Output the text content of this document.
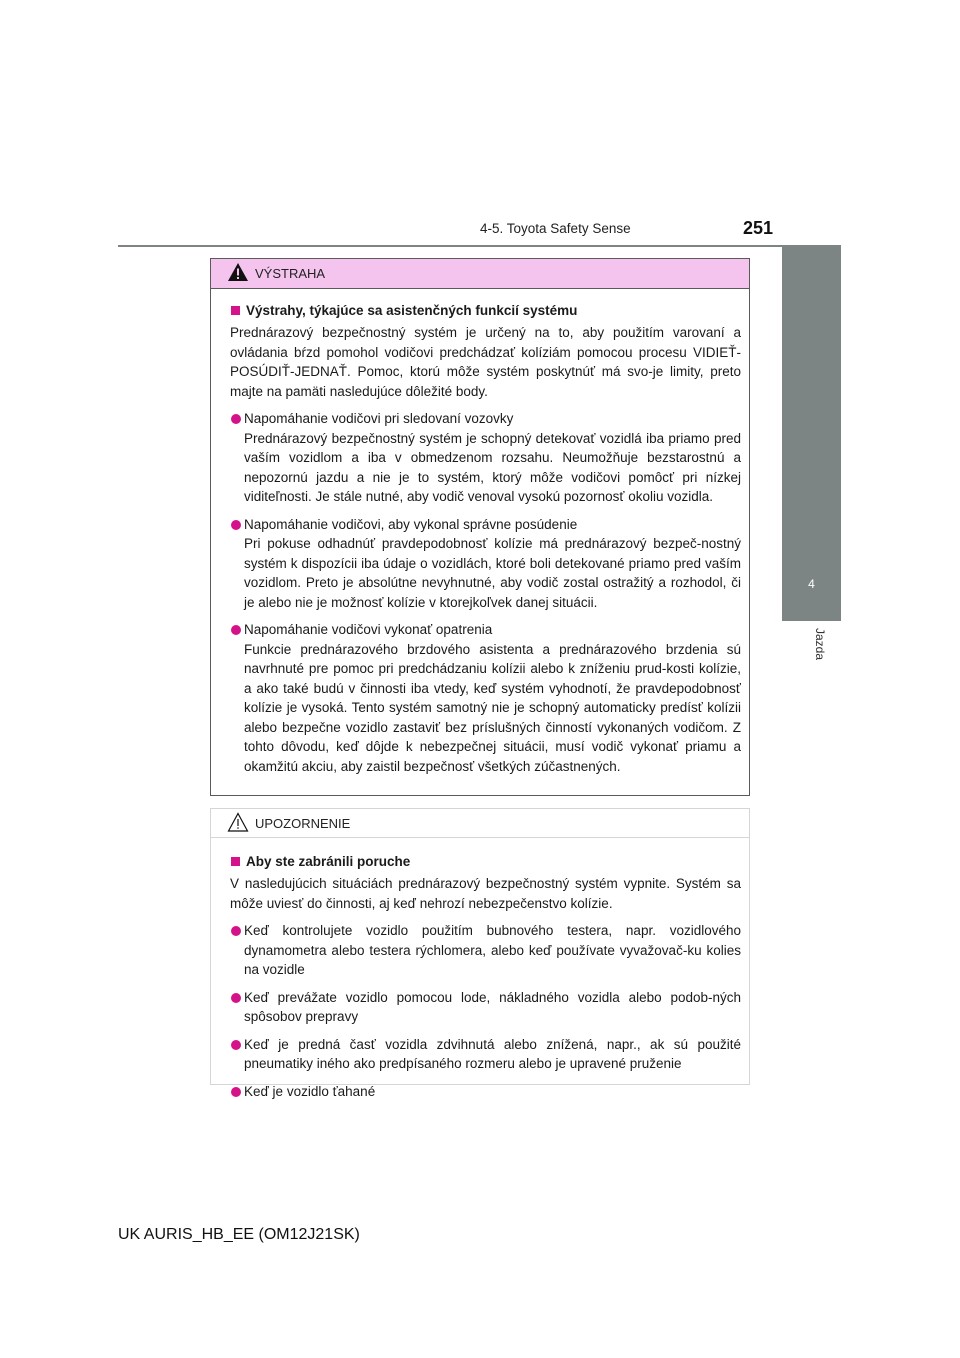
4-5. Toyota Safety Sense	251
4
Jazda
VÝSTRAHA
Výstrahy, týkajúce sa asistenčných funkcií systému
Prednárazový bezpečnostný systém je určený na to, aby použitím varovaní a ovládania bŕzd pomohol vodičovi predchádzať kolíziám pomocou procesu VIDIEŤ-POSÚDIŤ-JEDNAŤ. Pomoc, ktorú môže systém poskytnúť má svo-je limity, preto majte na pamäti nasledujúce dôležité body.
Napomáhanie vodičovi pri sledovaní vozovky
Prednárazový bezpečnostný systém je schopný detekovať vozidlá iba priamo pred vaším vozidlom a iba v obmedzenom rozsahu. Neumožňuje bezstarostnú a nepozornú jazdu a nie je to systém, ktorý môže vodičovi pomôcť pri nízkej viditeľnosti. Je stále nutné, aby vodič venoval vysokú pozornosť okoliu vozidla.
Napomáhanie vodičovi, aby vykonal správne posúdenie
Pri pokuse odhadnúť pravdepodobnosť kolízie má prednárazový bezpeč-nostný systém k dispozícii iba údaje o vozidlách, ktoré boli detekované priamo pred vaším vozidlom. Preto je absolútne nevyhnutné, aby vodič zostal ostražitý a rozhodol, či je alebo nie je možnosť kolízie v ktorejkoľvek danej situácii.
Napomáhanie vodičovi vykonať opatrenia
Funkcie prednárazového brzdového asistenta a prednárazového brzdenia sú navrhnuté pre pomoc pri predchádzaniu kolízii alebo k zníženiu prud-kosti kolízie, a ako také budú v činnosti iba vtedy, keď systém vyhodnotí, že pravdepodobnosť kolízie je vysoká. Tento systém samotný nie je schopný automaticky predísť kolízii alebo bezpečne vozidlo zastaviť bez príslušných činností vykonaných vodičom. Z tohto dôvodu, keď dôjde k nebezpečnej situácii, musí vodič vykonať priamu a okamžitú akciu, aby zaistil bezpečnosť všetkých zúčastnených.
UPOZORNENIE
Aby ste zabránili poruche
V nasledujúcich situáciách prednárazový bezpečnostný systém vypnite. Systém sa môže uviesť do činnosti, aj keď nehrozí nebezpečenstvo kolízie.
Keď kontrolujete vozidlo použitím bubnového testera, napr. vozidlového dynamometra alebo testera rýchlomera, alebo keď používate vyvažovač-ku kolies na vozidle
Keď prevážate vozidlo pomocou lode, nákladného vozidla alebo podob-ných spôsobov prepravy
Keď je predná časť vozidla zdvihnutá alebo znížená, napr., ak sú použité pneumatiky iného ako predpísaného rozmeru alebo je upravené pruženie
Keď je vozidlo ťahané
UK AURIS_HB_EE (OM12J21SK)
